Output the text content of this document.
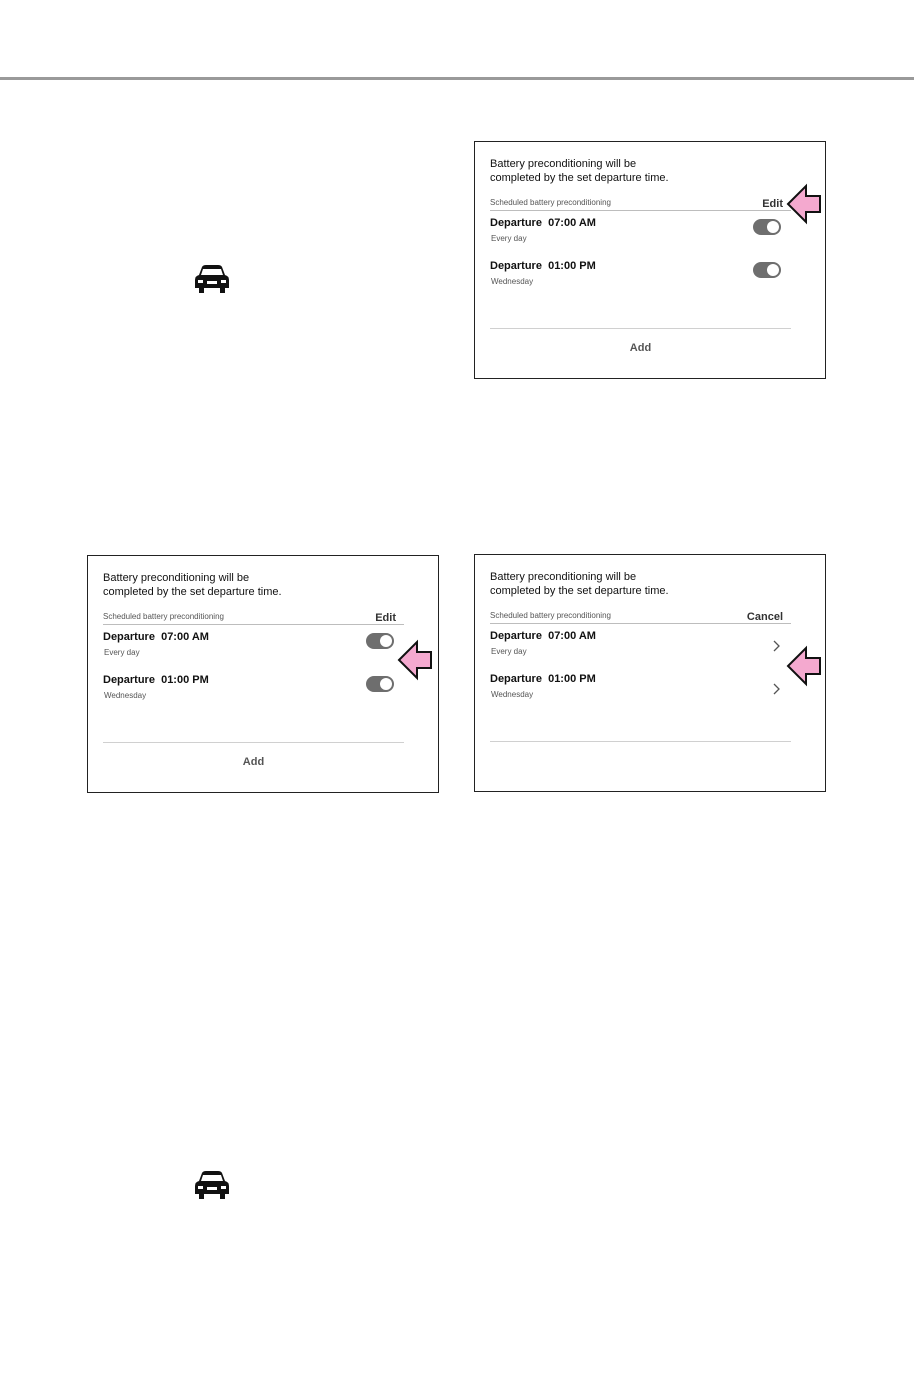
Battery preconditioning will be
completed by the set departure time.
Scheduled battery preconditioning	Edit
Departure  07:00 AM
Every day
Departure  01:00 PM
Wednesday
Add
Battery preconditioning will be
completed by the set departure time.
Scheduled battery preconditioning	Edit
Departure  07:00 AM
Every day
Departure  01:00 PM
Wednesday
Add
Battery preconditioning will be
completed by the set departure time.
Scheduled battery preconditioning	Cancel
Departure  07:00 AM
Every day
Departure  01:00 PM
Wednesday
